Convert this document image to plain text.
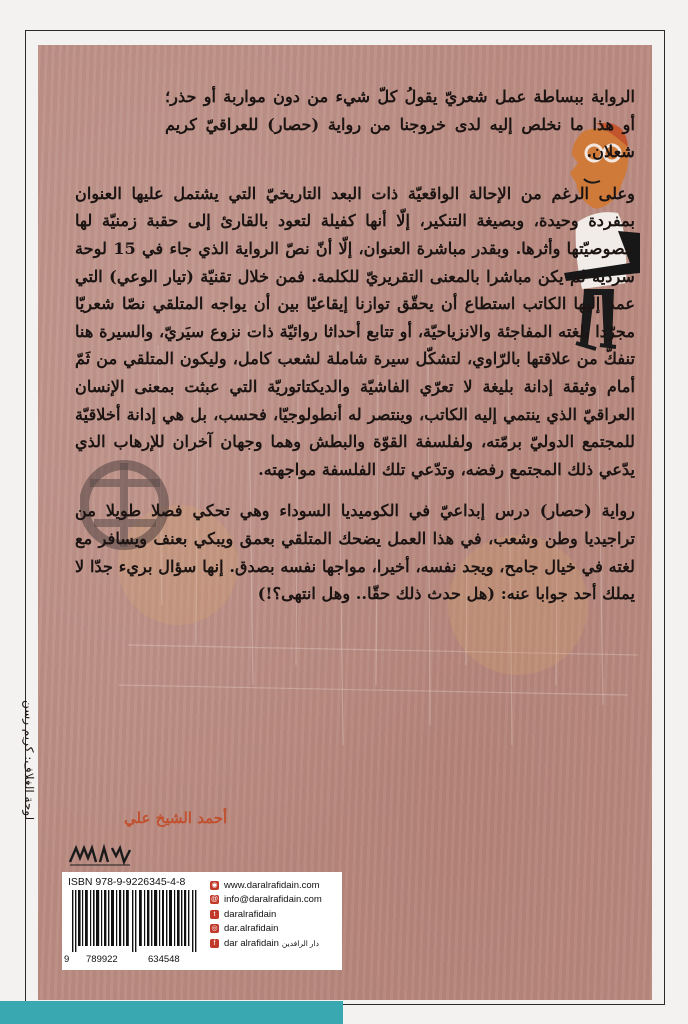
الرواية ببساطة عمل شعريّ يقولُ كلّ شيء من دون مواربة أو حذر؛ أو هذا ما نخلص إليه لدى خروجنا من رواية (حصار) للعراقيّ كريم شعلان.

وعلى الرغم من الإحالة الواقعيّة ذات البعد التاريخيّ التي يشتمل عليها العنوان بمفردة وحيدة، وبصيغة التنكير، إلّا أنها كفيلة لتعود بالقارئ إلى حقبة زمنيّة لها خصوصيّتها وأثرها. وبقدر مباشرة العنوان، إلّا أنّ نصّ الرواية الذي جاء في 15 لوحة سرديّة لم يكن مباشرا بالمعنى التقريريّ للكلمة. فمن خلال تقنيّة (تيار الوعي) التي عمد إليها الكاتب استطاع أن يحقّق توازنا إيقاعيّا بين أن يواجه المتلقي نصّا شعريّا مجرّدا بلغته المفاجئة والانزياحيّة، أو تتابع أحداثا روائيّة ذات نزوع سيَريّ، والسيرة هنا تنفكّ من علاقتها بالرّاوي، لتشكّل سيرة شاملة لشعب كامل، وليكون المتلقي من ثَمّ أمام وثيقة إدانة بليغة لا تعرّي الفاشيّة والديكتاتوريّة التي عبثت بمعنى الإنسان العراقيّ الذي ينتمي إليه الكاتب، وينتصر له أنطولوجيّا، فحسب، بل هي إدانة أخلاقيّة للمجتمع الدوليّ برمّته، ولفلسفة القوّة والبطش وهما وجهان آخران للإرهاب الذي يدّعي ذلك المجتمع رفضه، وتدّعي تلك الفلسفة مواجهته.

رواية (حصار) درس إبداعيّ في الكوميديا السوداء وهي تحكي فصلا طويلا من تراجيديا وطن وشعب، في هذا العمل يضحك المتلقي بعمق ويبكي بعنف ويسافر مع لغته في خيال جامح، ويجد نفسه، أخيرا، مواجها نفسه بصدق. إنها سؤال بريء جدّا لا يملك أحد جوابا عنه: (هل حدث ذلك حقّا.. وهل انتهى؟!)

أحمد الشيخ علي
لوحة الغلاف: كريم رسن
ISBN 978-9-9226345-4-8
9 789922	634548
◉ www.daralrafidain.com
@ info@daralrafidain.com
t daralrafidain
◎ dar.alrafidain
f dar alrafidain دار الرافدين
